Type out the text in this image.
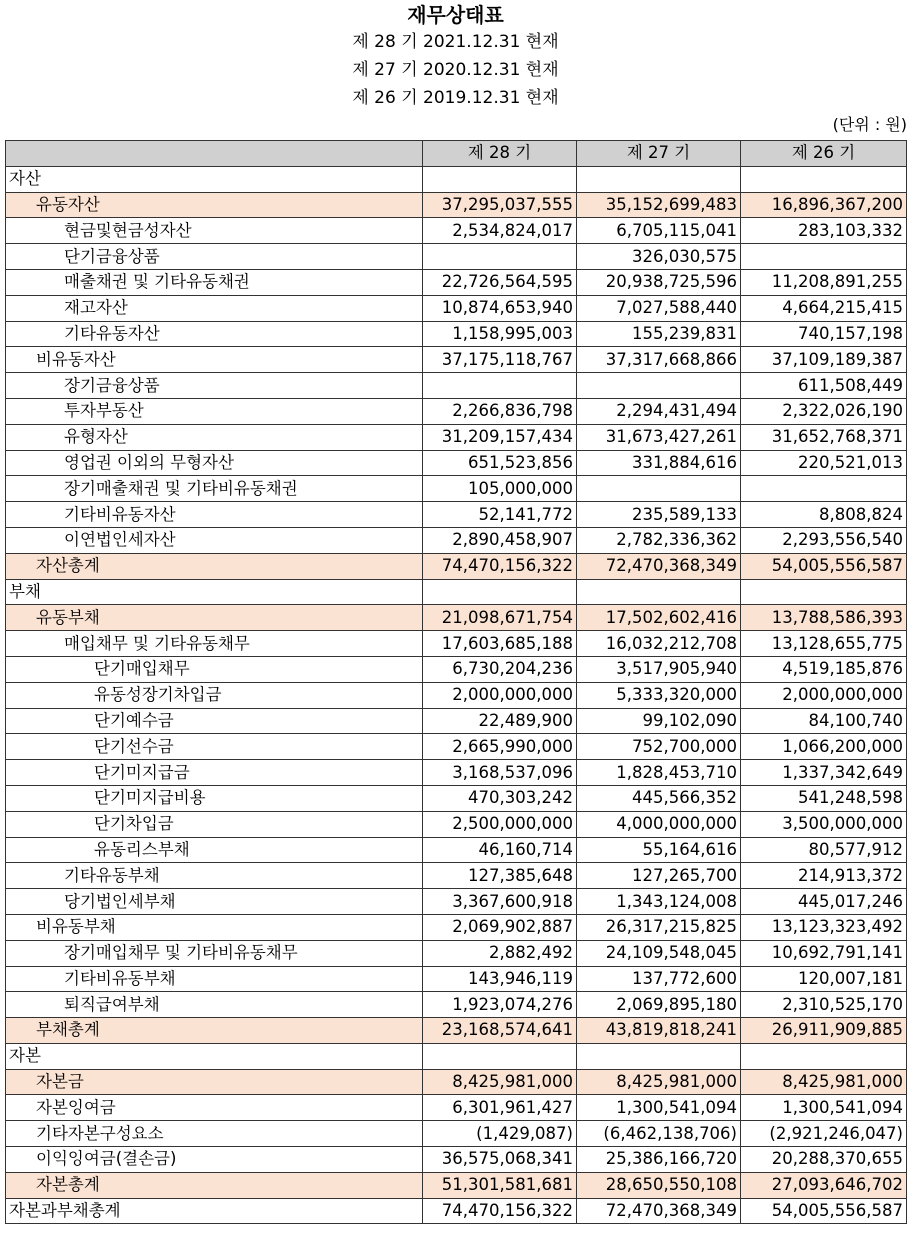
재무상태표
제 28 기 2021.12.31 현재
제 27 기 2020.12.31 현재
제 26 기 2019.12.31 현재
(단위 : 원)
	제 28 기	제 27 기	제 26 기
자산			
유동자산	37,295,037,555	35,152,699,483	16,896,367,200
현금및현금성자산	2,534,824,017	6,705,115,041	283,103,332
단기금융상품		326,030,575	
매출채권 및 기타유동채권	22,726,564,595	20,938,725,596	11,208,891,255
재고자산	10,874,653,940	7,027,588,440	4,664,215,415
기타유동자산	1,158,995,003	155,239,831	740,157,198
비유동자산	37,175,118,767	37,317,668,866	37,109,189,387
장기금융상품			611,508,449
투자부동산	2,266,836,798	2,294,431,494	2,322,026,190
유형자산	31,209,157,434	31,673,427,261	31,652,768,371
영업권 이외의 무형자산	651,523,856	331,884,616	220,521,013
장기매출채권 및 기타비유동채권	105,000,000		
기타비유동자산	52,141,772	235,589,133	8,808,824
이연법인세자산	2,890,458,907	2,782,336,362	2,293,556,540
자산총계	74,470,156,322	72,470,368,349	54,005,556,587
부채			
유동부채	21,098,671,754	17,502,602,416	13,788,586,393
매입채무 및 기타유동채무	17,603,685,188	16,032,212,708	13,128,655,775
단기매입채무	6,730,204,236	3,517,905,940	4,519,185,876
유동성장기차입금	2,000,000,000	5,333,320,000	2,000,000,000
단기예수금	22,489,900	99,102,090	84,100,740
단기선수금	2,665,990,000	752,700,000	1,066,200,000
단기미지급금	3,168,537,096	1,828,453,710	1,337,342,649
단기미지급비용	470,303,242	445,566,352	541,248,598
단기차입금	2,500,000,000	4,000,000,000	3,500,000,000
유동리스부채	46,160,714	55,164,616	80,577,912
기타유동부채	127,385,648	127,265,700	214,913,372
당기법인세부채	3,367,600,918	1,343,124,008	445,017,246
비유동부채	2,069,902,887	26,317,215,825	13,123,323,492
장기매입채무 및 기타비유동채무	2,882,492	24,109,548,045	10,692,791,141
기타비유동부채	143,946,119	137,772,600	120,007,181
퇴직급여부채	1,923,074,276	2,069,895,180	2,310,525,170
부채총계	23,168,574,641	43,819,818,241	26,911,909,885
자본			
자본금	8,425,981,000	8,425,981,000	8,425,981,000
자본잉여금	6,301,961,427	1,300,541,094	1,300,541,094
기타자본구성요소	(1,429,087)	(6,462,138,706)	(2,921,246,047)
이익잉여금(결손금)	36,575,068,341	25,386,166,720	20,288,370,655
자본총계	51,301,581,681	28,650,550,108	27,093,646,702
자본과부채총계	74,470,156,322	72,470,368,349	54,005,556,587
